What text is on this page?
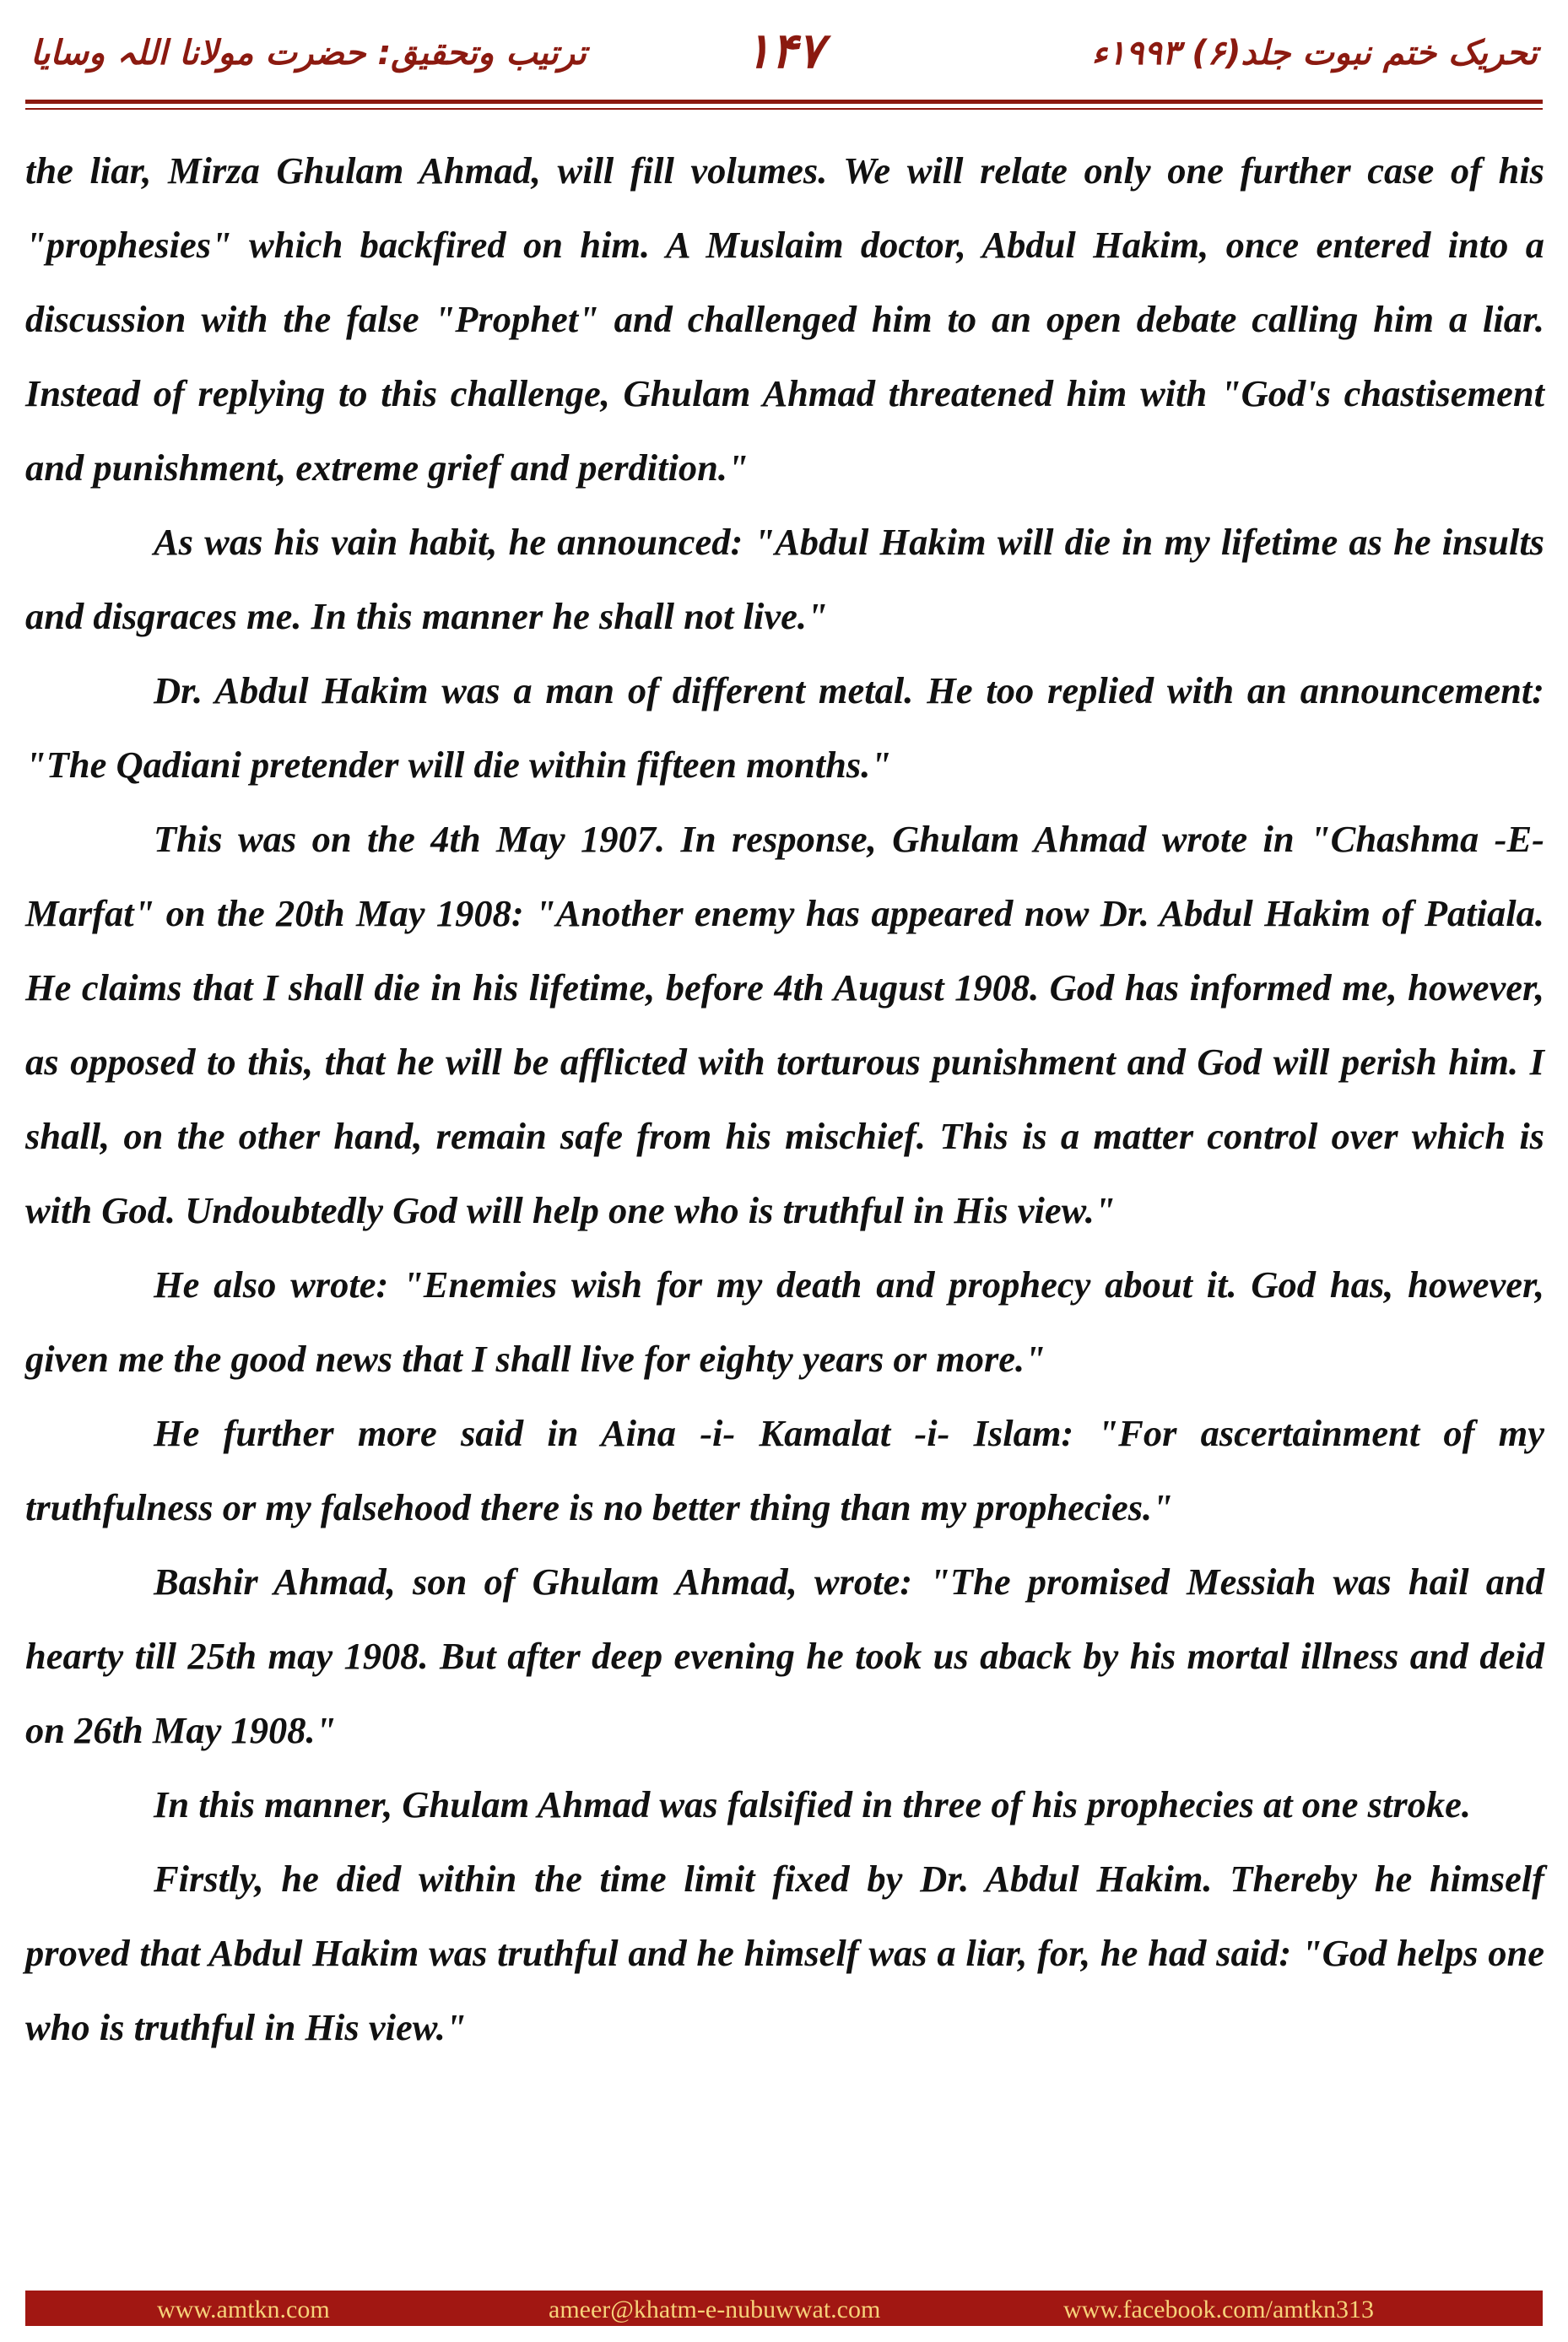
ترتیب وتحقیق: حضرت مولانا اللہ وسایا	۱۴۷	تحریک ختم نبوت جلد(۶) ۱۹۹۳ء

the liar, Mirza Ghulam Ahmad, will fill volumes. We will relate only one further case of his "prophesies" which backfired on him. A Muslaim doctor, Abdul Hakim, once entered into a discussion with the false "Prophet" and challenged him to an open debate calling him a liar. Instead of replying to this challenge, Ghulam Ahmad threatened him with "God's chastisement and punishment, extreme grief and perdition."

As was his vain habit, he announced: "Abdul Hakim will die in my lifetime as he insults and disgraces me. In this manner he shall not live."

Dr. Abdul Hakim was a man of different metal. He too replied with an announcement: "The Qadiani pretender will die within fifteen months."

This was on the 4th May 1907. In response, Ghulam Ahmad wrote in "Chashma -E- Marfat" on the 20th May 1908: "Another enemy has appeared now Dr. Abdul Hakim of Patiala. He claims that I shall die in his lifetime, before 4th August 1908. God has informed me, however, as opposed to this, that he will be afflicted with torturous punishment and God will perish him. I shall, on the other hand, remain safe from his mischief. This is a matter control over which is with God. Undoubtedly God will help one who is truthful in His view."

He also wrote: "Enemies wish for my death and prophecy about it. God has, however, given me the good news that I shall live for eighty years or more."

He further more said in Aina -i- Kamalat -i- Islam: "For ascertainment of my truthfulness or my falsehood there is no better thing than my prophecies."

Bashir Ahmad, son of Ghulam Ahmad, wrote: "The promised Messiah was hail and hearty till 25th may 1908. But after deep evening he took us aback by his mortal illness and deid on 26th May 1908."

In this manner, Ghulam Ahmad was falsified in three of his prophecies at one stroke.

Firstly, he died within the time limit fixed by Dr. Abdul Hakim. Thereby he himself proved that Abdul Hakim was truthful and he himself was a liar, for, he had said: "God helps one who is truthful in His view."

www.amtkn.com	ameer@khatm-e-nubuwwat.com	www.facebook.com/amtkn313
